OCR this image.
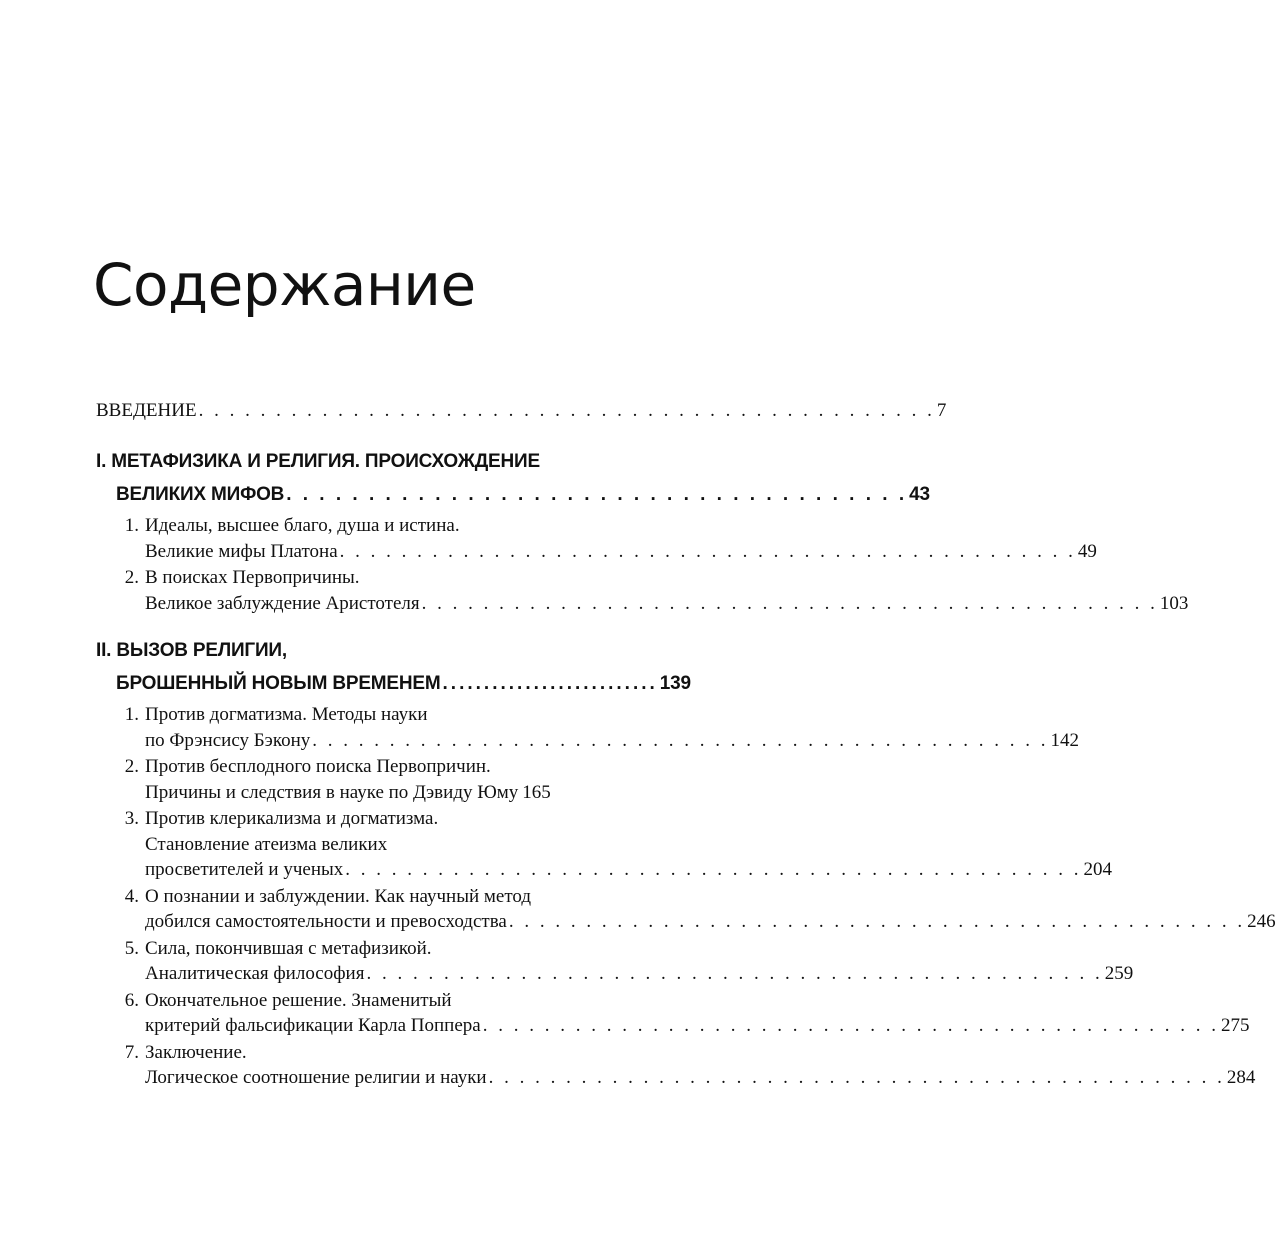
Содержание
ВВЕДЕНИЕ . . . . . . . . . . . . . . . . . . . . . . . . . . . . . . . . . . . . . . . . . . . . . . . . 7
I. МЕТАФИЗИКА И РЕЛИГИЯ. ПРОИСХОЖДЕНИЕ
ВЕЛИКИХ МИФОВ . . . . . . . . . . . . . . . . . . . . . . . . . . . . . . . . . . . . . . 43
1. Идеалы, высшее благо, душа и истина.
Великие мифы Платона . . . . . . . . . . . . . . . . . . . . . . . . . . . . . . . . . . . . . . . . . . . . . . . . 49
2. В поисках Первопричины.
Великое заблуждение Аристотеля . . . . . . . . . . . . . . . . . . . . . . . . . . . . . . . . . . . . . . . . . . . . . . . . 103
II. ВЫЗОВ РЕЛИГИИ,
БРОШЕННЫЙ НОВЫМ ВРЕМЕНЕМ .......................... 139
1. Против догматизма. Методы науки
по Фрэнсису Бэкону . . . . . . . . . . . . . . . . . . . . . . . . . . . . . . . . . . . . . . . . . . . . . . . . 142
2. Против бесплодного поиска Первопричин.
Причины и следствия в науке по Дэвиду Юму 165
3. Против клерикализма и догматизма.
Становление атеизма великих
просветителей и ученых . . . . . . . . . . . . . . . . . . . . . . . . . . . . . . . . . . . . . . . . . . . . . . . . 204
4. О познании и заблуждении. Как научный метод
добился самостоятельности и превосходства . . . . . . . . . . . . . . . . . . . . . . . . . . . . . . . . . . . . . . . . . . . . . . . . 246
5. Сила, покончившая с метафизикой.
Аналитическая философия . . . . . . . . . . . . . . . . . . . . . . . . . . . . . . . . . . . . . . . . . . . . . . . . 259
6. Окончательное решение. Знаменитый
критерий фальсификации Карла Поппера . . . . . . . . . . . . . . . . . . . . . . . . . . . . . . . . . . . . . . . . . . . . . . . . 275
7. Заключение.
Логическое соотношение религии и науки . . . . . . . . . . . . . . . . . . . . . . . . . . . . . . . . . . . . . . . . . . . . . . . . 284
